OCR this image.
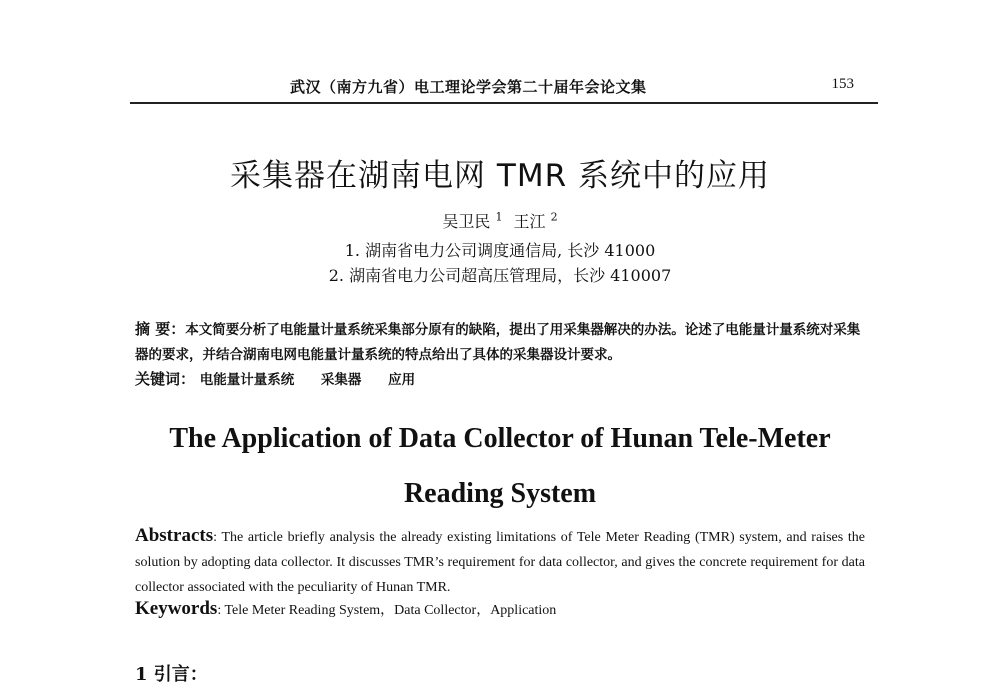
武汉（南方九省）电工理论学会第二十届年会论文集	153
采集器在湖南电网 TMR 系统中的应用
吴卫民 $^1$ 王江 $^2$
1. 湖南省电力公司调度通信局, 长沙 41000
2. 湖南省电力公司超高压管理局，长沙 410007
摘 要：本文简要分析了电能量计量系统采集部分原有的缺陷，提出了用采集器解决的办法。论述了电能量计量系统对采集器的要求，并结合湖南电网电能量计量系统的特点给出了具体的采集器设计要求。
关键词： 电能量计量系统 采集器 应用
The Application of Data Collector of Hunan Tele-Meter
Reading System
Abstracts: The article briefly analysis the already existing limitations of Tele Meter Reading (TMR) system, and raises the solution by adopting data collector. It discusses TMR’s requirement for data collector, and gives the concrete requirement for data collector associated with the peculiarity of Hunan TMR.
Keywords: Tele Meter Reading System，Data Collector，Application
1 引言：
